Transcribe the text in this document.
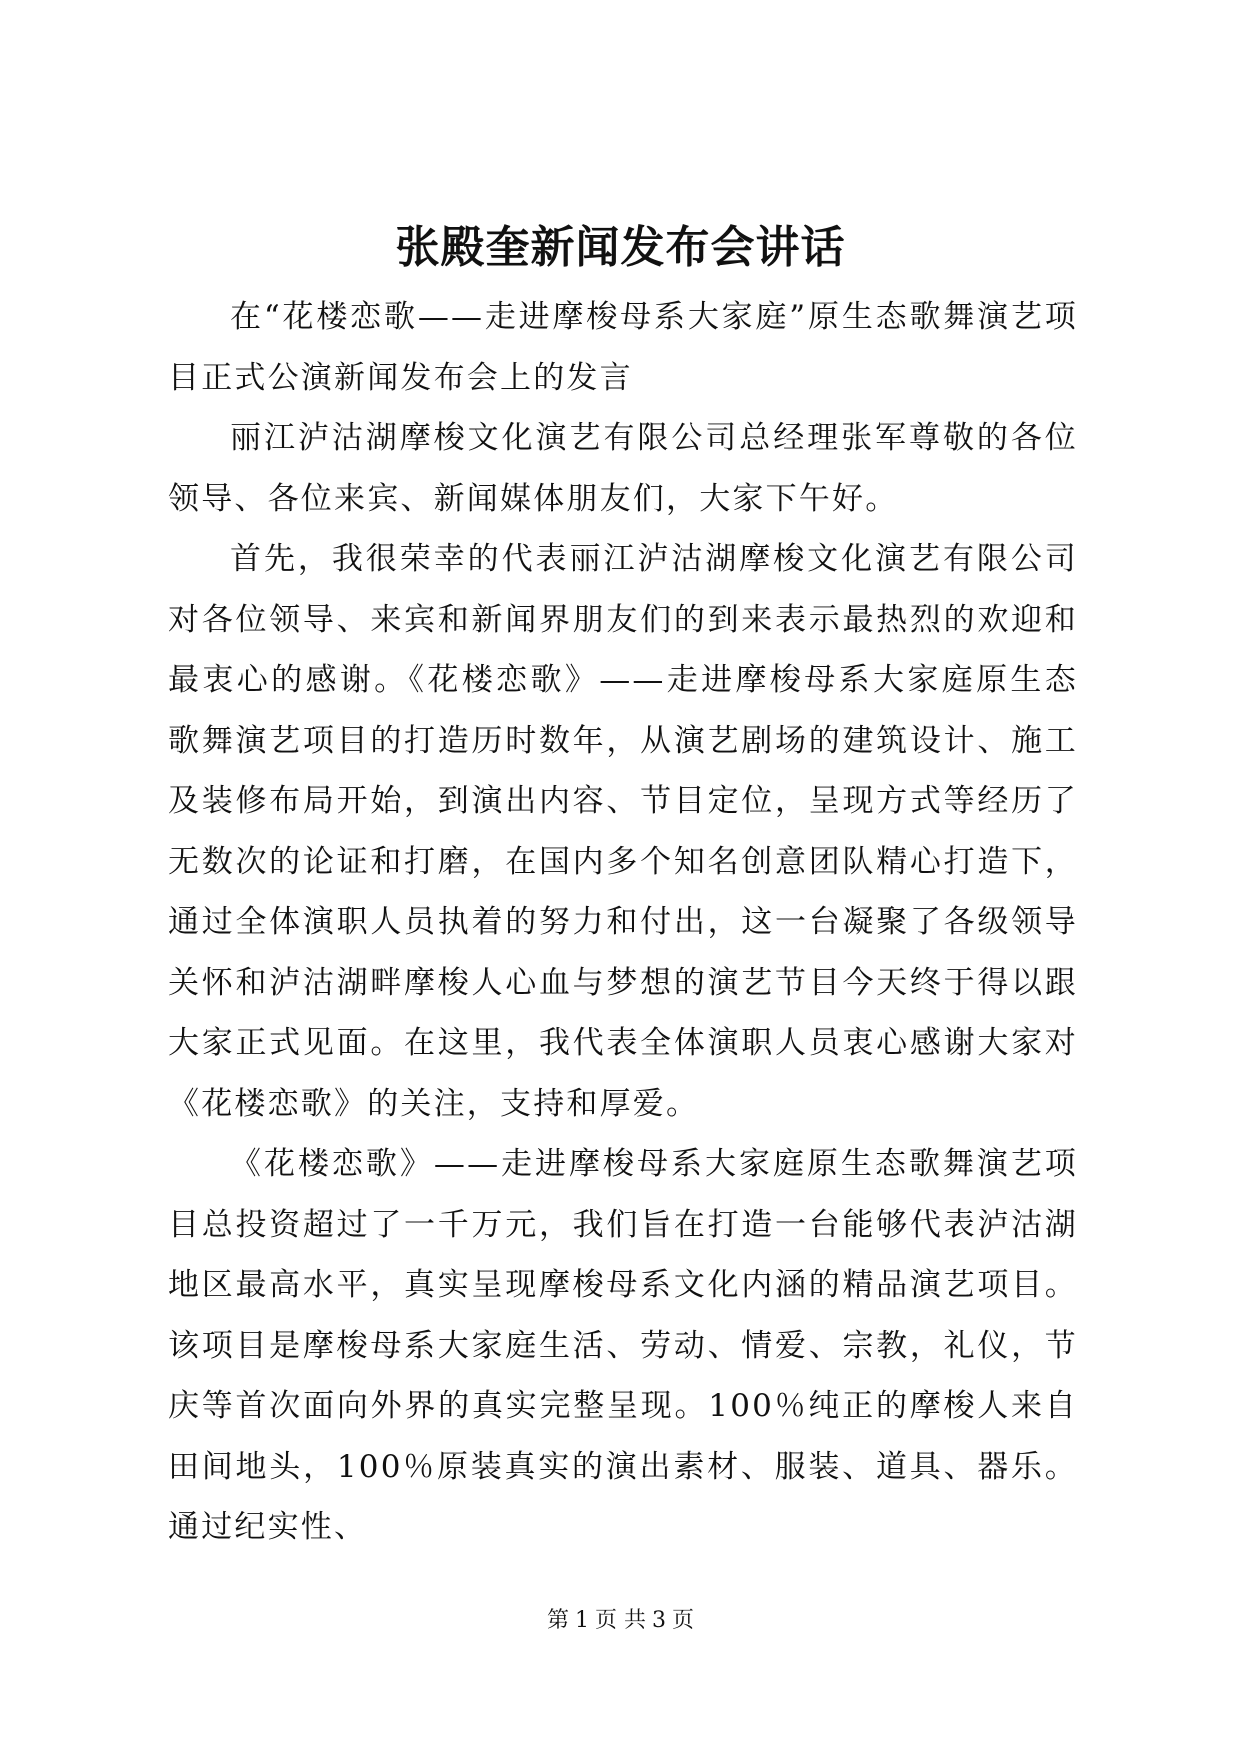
张殿奎新闻发布会讲话

在“花楼恋歌——走进摩梭母系大家庭”原生态歌舞演艺项目正式公演新闻发布会上的发言

丽江泸沽湖摩梭文化演艺有限公司总经理张军尊敬的各位领导、各位来宾、新闻媒体朋友们，大家下午好。

首先，我很荣幸的代表丽江泸沽湖摩梭文化演艺有限公司对各位领导、来宾和新闻界朋友们的到来表示最热烈的欢迎和最衷心的感谢。《花楼恋歌》——走进摩梭母系大家庭原生态歌舞演艺项目的打造历时数年，从演艺剧场的建筑设计、施工及装修布局开始，到演出内容、节目定位，呈现方式等经历了无数次的论证和打磨，在国内多个知名创意团队精心打造下，通过全体演职人员执着的努力和付出，这一台凝聚了各级领导关怀和泸沽湖畔摩梭人心血与梦想的演艺节目今天终于得以跟大家正式见面。在这里，我代表全体演职人员衷心感谢大家对《花楼恋歌》的关注，支持和厚爱。

《花楼恋歌》——走进摩梭母系大家庭原生态歌舞演艺项目总投资超过了一千万元，我们旨在打造一台能够代表泸沽湖地区最高水平，真实呈现摩梭母系文化内涵的精品演艺项目。该项目是摩梭母系大家庭生活、劳动、情爱、宗教，礼仪，节庆等首次面向外界的真实完整呈现。100％纯正的摩梭人来自田间地头，100％原装真实的演出素材、服装、道具、器乐。通过纪实性、

第 1 页 共 3 页
